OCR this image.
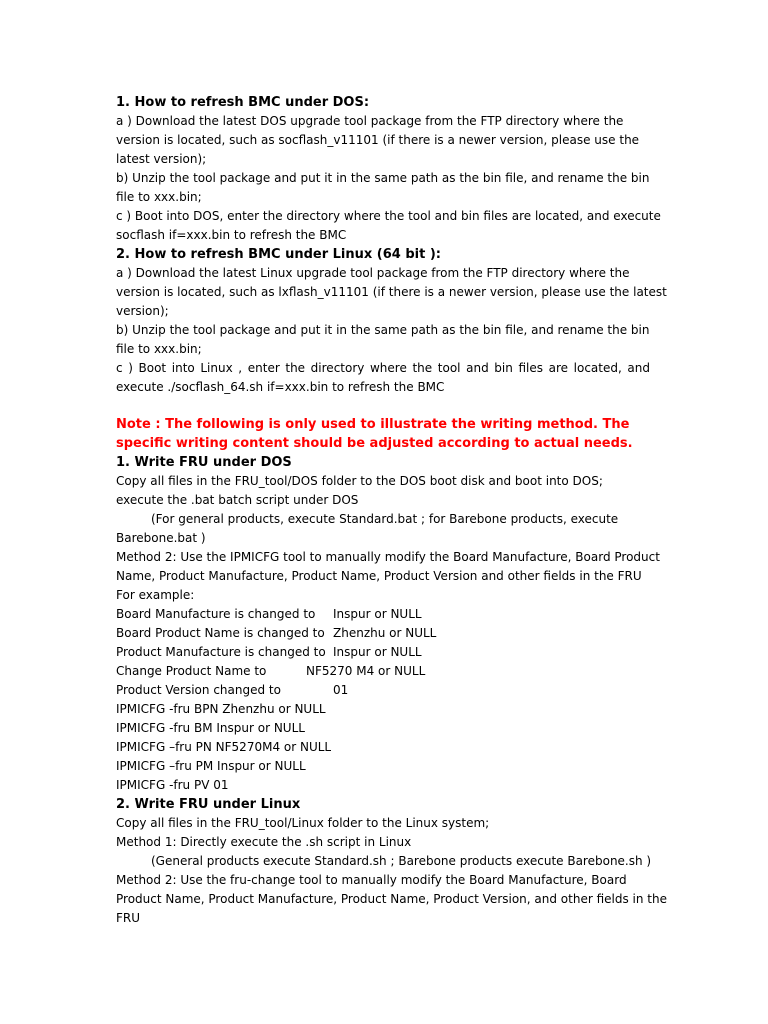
1. How to refresh BMC under DOS:
a ) Download the latest DOS upgrade tool package from the FTP directory where the
version is located, such as socflash_v11101 (if there is a newer version, please use the
latest version);
b) Unzip the tool package and put it in the same path as the bin file, and rename the bin
file to xxx.bin;
c ) Boot into DOS, enter the directory where the tool and bin files are located, and execute
socflash if=xxx.bin to refresh the BMC
2. How to refresh BMC under Linux (64 bit ):
a ) Download the latest Linux upgrade tool package from the FTP directory where the
version is located, such as lxflash_v11101 (if there is a newer version, please use the latest
version);
b) Unzip the tool package and put it in the same path as the bin file, and rename the bin
file to xxx.bin;
c ) Boot into Linux , enter the directory where the tool and bin files are located, and
execute ./socflash_64.sh if=xxx.bin to refresh the BMC
Note : The following is only used to illustrate the writing method. The
specific writing content should be adjusted according to actual needs.
1. Write FRU under DOS
Copy all files in the FRU_tool/DOS folder to the DOS boot disk and boot into DOS;
execute the .bat batch script under DOS
(For general products, execute Standard.bat ; for Barebone products, execute
Barebone.bat )
Method 2: Use the IPMICFG tool to manually modify the Board Manufacture, Board Product
Name, Product Manufacture, Product Name, Product Version and other fields in the FRU
For example:
Board Manufacture is changed to	Inspur or NULL
Board Product Name is changed to Zhenzhu or NULL
Product Manufacture is changed to Inspur or NULL
Change Product Name to	NF5270 M4 or NULL
Product Version changed to	01
IPMICFG -fru BPN Zhenzhu or NULL
IPMICFG -fru BM Inspur or NULL
IPMICFG –fru PN NF5270M4 or NULL
IPMICFG –fru PM Inspur or NULL
IPMICFG -fru PV 01
2. Write FRU under Linux
Copy all files in the FRU_tool/Linux folder to the Linux system;
Method 1: Directly execute the .sh script in Linux
(General products execute Standard.sh ; Barebone products execute Barebone.sh )
Method 2: Use the fru-change tool to manually modify the Board Manufacture, Board
Product Name, Product Manufacture, Product Name, Product Version, and other fields in the
FRU
